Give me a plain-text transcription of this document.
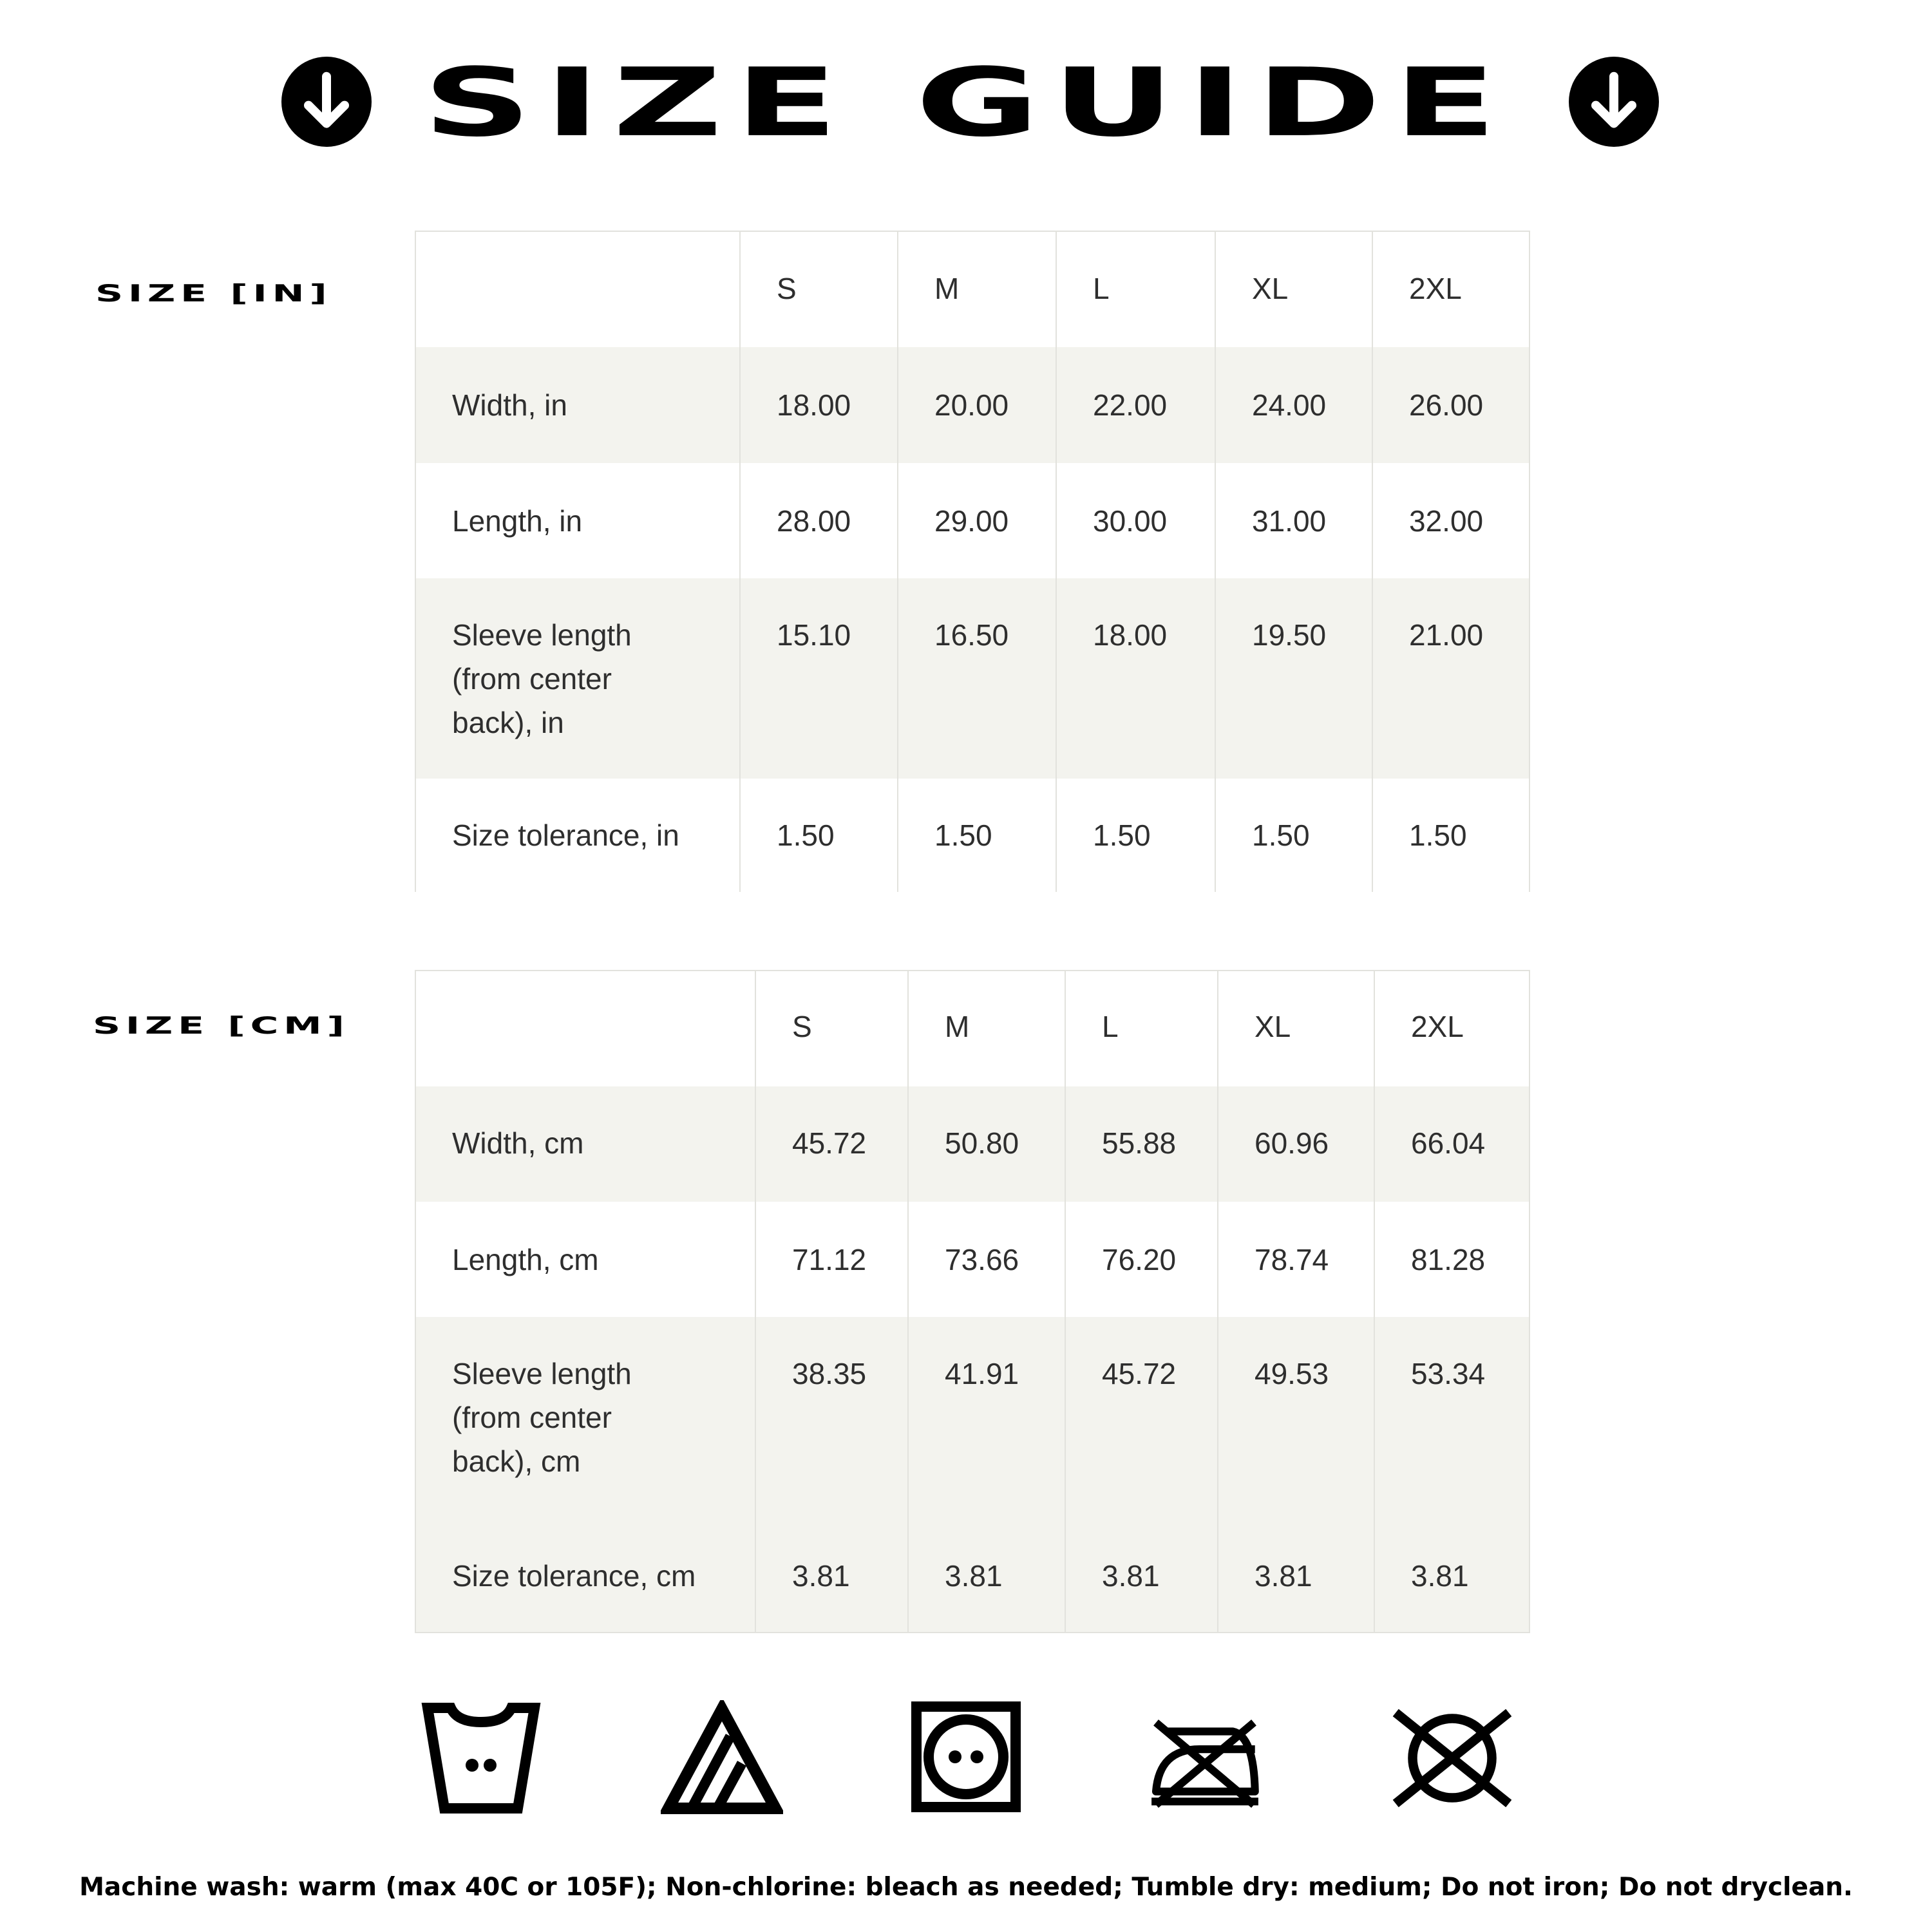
SIZE GUIDE
SIZE [IN]
		S	M	L	XL	2XL
Width, in	18.00	20.00	22.00	24.00	26.00
Length, in	28.00	29.00	30.00	31.00	32.00

Sleeve length
(from center
back), in	15.10	16.50	18.00	19.50	21.00
Size tolerance, in	1.50	1.50	1.50	1.50	1.50
SIZE [CM]
		S	M	L	XL	2XL
Width, cm	45.72	50.80	55.88	60.96	66.04
Length, cm	71.12	73.66	76.20	78.74	81.28

Sleeve length
(from center
back), cm	38.35	41.91	45.72	49.53	53.34
Size tolerance, cm	3.81	3.81	3.81	3.81	3.81
Machine wash: warm (max 40C or 105F); Non-chlorine: bleach as needed; Tumble dry: medium; Do not iron; Do not dryclean.
